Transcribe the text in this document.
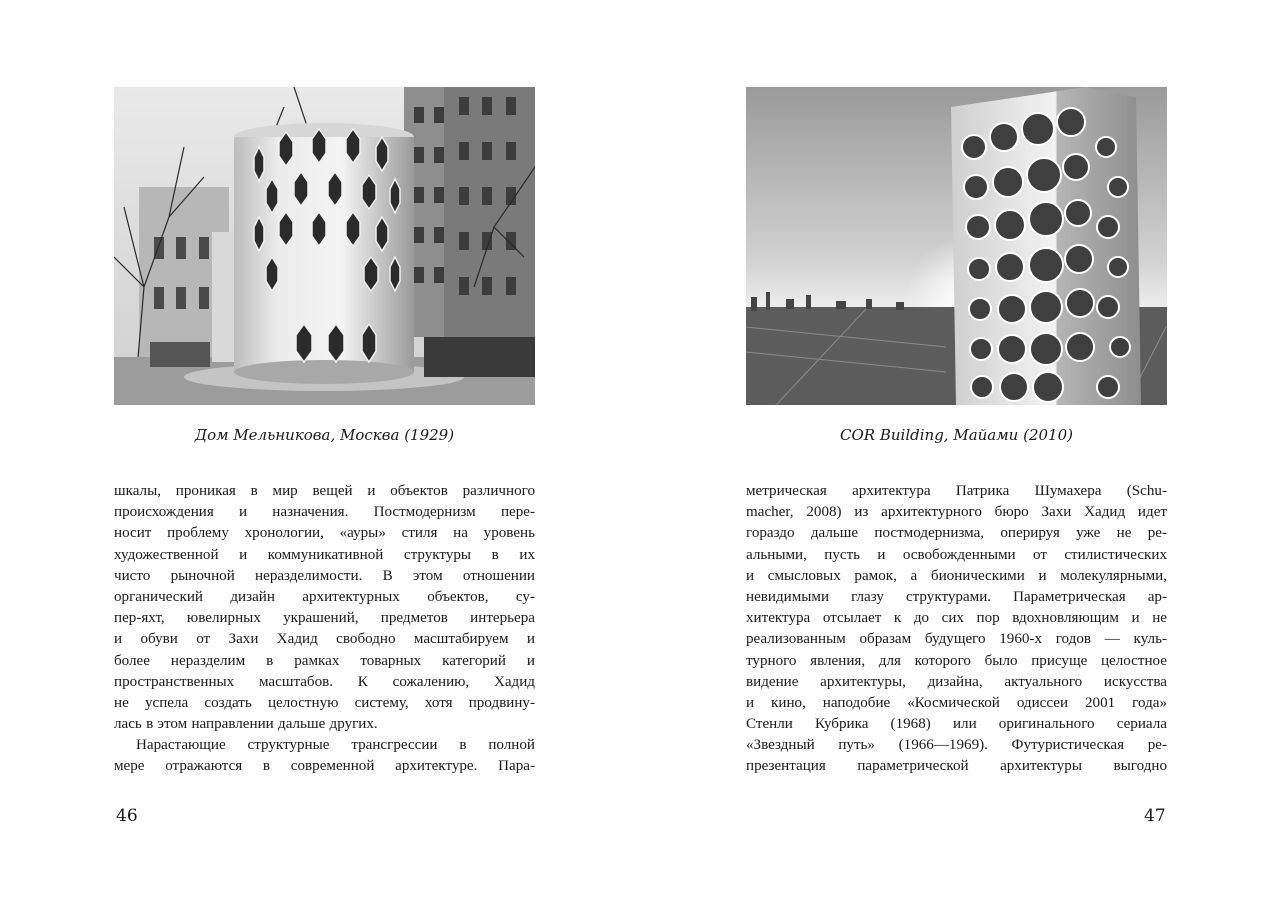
Дом Мельникова, Москва (1929)
шкалы, проникая в мир вещей и объектов различного
происхождения и назначения. Постмодернизм пере-
носит проблему хронологии, «ауры» стиля на уровень
художественной и коммуникативной структуры в их
чисто рыночной неразделимости. В этом отношении
органический дизайн архитектурных объектов, су-
пер-яхт, ювелирных украшений, предметов интерьера
и обуви от Захи Хадид свободно масштабируем и
более неразделим в рамках товарных категорий и
пространственных масштабов. К сожалению, Хадид
не успела создать целостную систему, хотя продвину-
лась в этом направлении дальше других.
Нарастающие структурные трансгрессии в полной
мере отражаются в современной архитектуре. Пара-
46
COR Building, Майами (2010)
метрическая архитектура Патрика Шумахера (Schu-
macher, 2008) из архитектурного бюро Захи Хадид идет
гораздо дальше постмодернизма, оперируя уже не ре-
альными, пусть и освобожденными от стилистических
и смысловых рамок, а бионическими и молекулярными,
невидимыми глазу структурами. Параметрическая ар-
хитектура отсылает к до сих пор вдохновляющим и не
реализованным образам будущего 1960-х годов — куль-
турного явления, для которого было присуще целостное
видение архитектуры, дизайна, актуального искусства
и кино, наподобие «Космической одиссеи 2001 года»
Стенли Кубрика (1968) или оригинального сериала
«Звездный путь» (1966—1969). Футуристическая ре-
презентация параметрической архитектуры выгодно
47
